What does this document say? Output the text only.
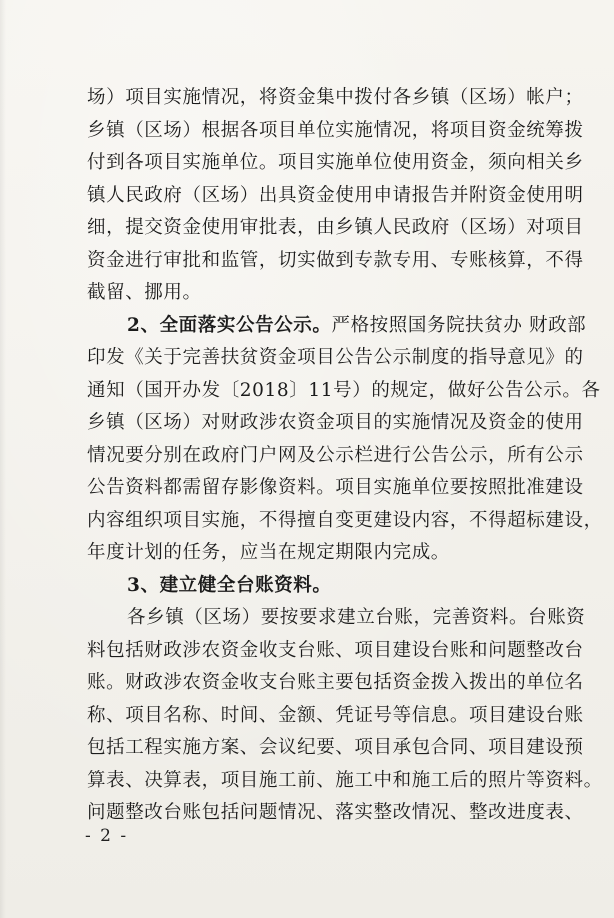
场）项目实施情况，将资金集中拨付各乡镇（区场）帐户；
乡镇（区场）根据各项目单位实施情况，将项目资金统筹拨
付到各项目实施单位。项目实施单位使用资金，须向相关乡
镇人民政府（区场）出具资金使用申请报告并附资金使用明
细，提交资金使用审批表，由乡镇人民政府（区场）对项目
资金进行审批和监管，切实做到专款专用、专账核算，不得
截留、挪用。
2、全面落实公告公示。严格按照国务院扶贫办 财政部
印发《关于完善扶贫资金项目公告公示制度的指导意见》的
通知（国开办发〔2018〕11号）的规定，做好公告公示。各
乡镇（区场）对财政涉农资金项目的实施情况及资金的使用
情况要分别在政府门户网及公示栏进行公告公示，所有公示
公告资料都需留存影像资料。项目实施单位要按照批准建设
内容组织项目实施，不得擅自变更建设内容，不得超标建设，
年度计划的任务，应当在规定期限内完成。
3、建立健全台账资料。
各乡镇（区场）要按要求建立台账，完善资料。台账资
料包括财政涉农资金收支台账、项目建设台账和问题整改台
账。财政涉农资金收支台账主要包括资金拨入拨出的单位名
称、项目名称、时间、金额、凭证号等信息。项目建设台账
包括工程实施方案、会议纪要、项目承包合同、项目建设预
算表、决算表，项目施工前、施工中和施工后的照片等资料。
问题整改台账包括问题情况、落实整改情况、整改进度表、
- 2 -
